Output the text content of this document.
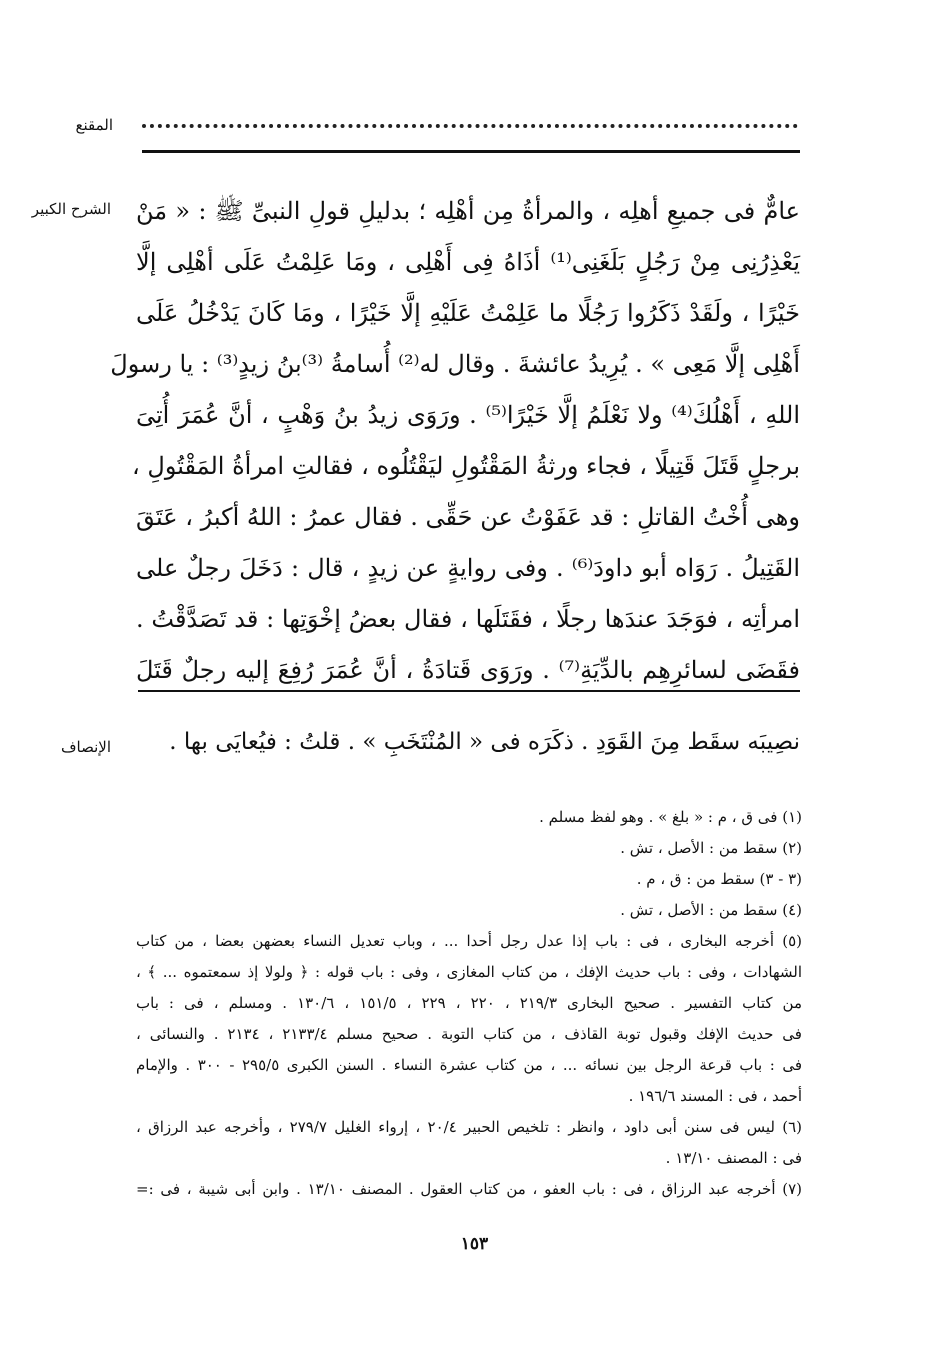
المقنع
الشرح الكبير عامٌّ فى جميعِ أهلِه ، والمرأةُ مِن أهْلِه ؛ بدليلِ قولِ النبىِّ ﷺ : « مَنْ
يَعْذِرُنِى مِنْ رَجُلٍ بَلَغَنِى⁽¹⁾ أذَاهُ فِى أَهْلِى ، ومَا عَلِمْتُ عَلَى أهْلِى إلَّا
خَيْرًا ، ولَقَدْ ذَكَرُوا رَجُلًا ما عَلِمْتُ عَلَيْهِ إلَّا خَيْرًا ، ومَا كَانَ يَدْخُلُ عَلَى
أَهْلِى إلَّا مَعِى » . يُرِيدُ عائشةَ . وقال له⁽²⁾ أُسامةُ ⁽³⁾بنُ زيدٍ⁽³⁾ : يا رسولَ
اللهِ ، أَهْلُكَ⁽⁴⁾ ولا نَعْلَمُ إلَّا خَيْرًا⁽⁵⁾ . ورَوَى زيدُ بنُ وَهْبٍ ، أنَّ عُمَرَ أُتِىَ
برجلٍ قَتَلَ قَتِيلًا ، فجاء ورثةُ المَقْتُولِ ليَقْتُلُوه ، فقالتِ امرأةُ المَقْتُولِ ،
وهى أُخْتُ القاتلِ : قد عَفَوْتُ عن حَقِّى . فقال عمرُ : اللهُ أكبرُ ، عَتَقَ
القَتِيلُ . رَوَاه أبو داودَ⁽⁶⁾ . وفى روايةٍ عن زيدٍ ، قال : دَخَلَ رجلٌ على
امرأتِه ، فوَجَدَ عندَها رجلًا ، فقَتَلَها ، فقال بعضُ إخْوَتِها : قد تَصَدَّقْتُ .
فقَضَى لسائرِهِم بالدِّيَةِ⁽⁷⁾ . ورَوَى قَتادَةُ ، أنَّ عُمَرَ رُفِعَ إليه رجلٌ قَتَلَ
الإنصاف	نصِيبَه سقَط مِنَ القَوَدِ . ذكَرَه فى « المُنْتَخَبِ » . قلتُ : فيُعايَى بها .
(١) فى ق ، م : « بلغ » . وهو لفظ مسلم .
(٢) سقط من : الأصل ، تش .
(٣ - ٣) سقط من : ق ، م .
(٤) سقط من : الأصل ، تش .
(٥) أخرجه البخارى ، فى : باب إذا عدل رجل أحدا ... ، وباب تعديل النساء بعضهن بعضا ، من كتاب
الشهادات ، وفى : باب حديث الإفك ، من كتاب المغازى ، وفى : باب قوله : ﴿ ولولا إذ سمعتموه ... ﴾ ،
من كتاب التفسير . صحيح البخارى ٢١٩/٣ ، ٢٢٠ ، ٢٢٩ ، ١٥١/٥ ، ١٣٠/٦ . ومسلم ، فى : باب
فى حديث الإفك وقبول توبة القاذف ، من كتاب التوبة . صحيح مسلم ٢١٣٣/٤ ، ٢١٣٤ . والنسائى ،
فى : باب قرعة الرجل بين نسائه ... ، من كتاب عشرة النساء . السنن الكبرى ٢٩٥/٥ - ٣٠٠ . والإمام
أحمد ، فى : المسند ١٩٦/٦ .
(٦) ليس فى سنن أبى داود ، وانظر : تلخيص الحبير ٢٠/٤ ، إرواء الغليل ٢٧٩/٧ ، وأخرجه عبد الرزاق ،
فى : المصنف ١٣/١٠ .
(٧) أخرجه عبد الرزاق ، فى : باب العفو ، من كتاب العقول . المصنف ١٣/١٠ . وابن أبى شيبة ، فى :=
١٥٣
